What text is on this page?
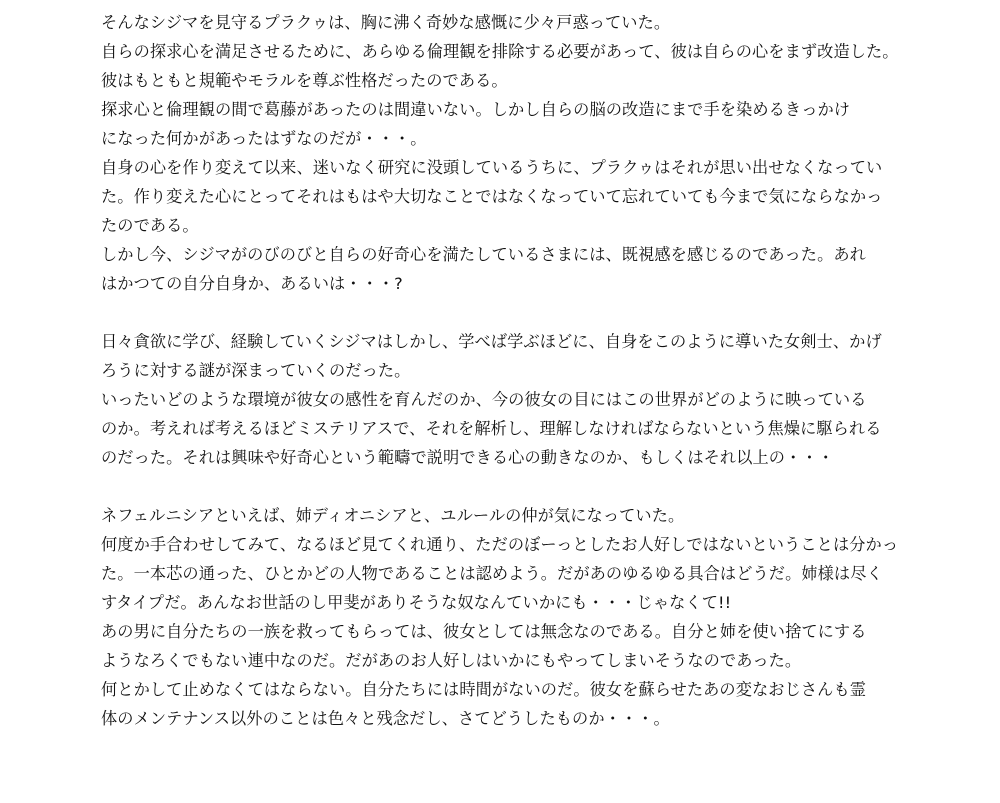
そんなシジマを見守るプラクゥは、胸に沸く奇妙な感慨に少々戸惑っていた。
自らの探求心を満足させるために、あらゆる倫理観を排除する必要があって、彼は自らの心をまず改造した。
彼はもともと規範やモラルを尊ぶ性格だったのである。
探求心と倫理観の間で葛藤があったのは間違いない。しかし自らの脳の改造にまで手を染めるきっかけ
になった何かがあったはずなのだが・・・。
自身の心を作り変えて以来、迷いなく研究に没頭しているうちに、プラクゥはそれが思い出せなくなってい
た。作り変えた心にとってそれはもはや大切なことではなくなっていて忘れていても今まで気にならなかっ
たのである。
しかし今、シジマがのびのびと自らの好奇心を満たしているさまには、既視感を感じるのであった。あれ
はかつての自分自身か、あるいは・・・?
日々貪欲に学び、経験していくシジマはしかし、学べば学ぶほどに、自身をこのように導いた女剣士、かげ
ろうに対する謎が深まっていくのだった。
いったいどのような環境が彼女の感性を育んだのか、今の彼女の目にはこの世界がどのように映っている
のか。考えれば考えるほどミステリアスで、それを解析し、理解しなければならないという焦燥に駆られる
のだった。それは興味や好奇心という範疇で説明できる心の動きなのか、もしくはそれ以上の・・・
ネフェルニシアといえば、姉ディオニシアと、ユルールの仲が気になっていた。
何度か手合わせしてみて、なるほど見てくれ通り、ただのぼーっとしたお人好しではないということは分かっ
た。一本芯の通った、ひとかどの人物であることは認めよう。だがあのゆるゆる具合はどうだ。姉様は尽く
すタイプだ。あんなお世話のし甲斐がありそうな奴なんていかにも・・・じゃなくて!!
あの男に自分たちの一族を救ってもらっては、彼女としては無念なのである。自分と姉を使い捨てにする
ようなろくでもない連中なのだ。だがあのお人好しはいかにもやってしまいそうなのであった。
何とかして止めなくてはならない。自分たちには時間がないのだ。彼女を蘇らせたあの変なおじさんも霊
体のメンテナンス以外のことは色々と残念だし、さてどうしたものか・・・。
